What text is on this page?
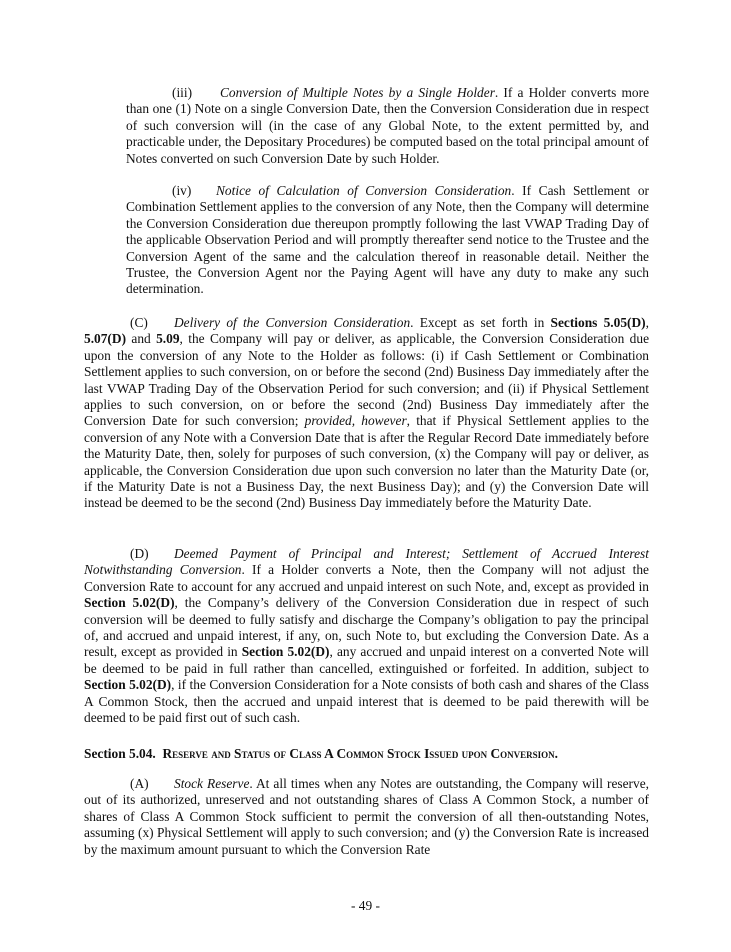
(iii) Conversion of Multiple Notes by a Single Holder. If a Holder converts more than one (1) Note on a single Conversion Date, then the Conversion Consideration due in respect of such conversion will (in the case of any Global Note, to the extent permitted by, and practicable under, the Depositary Procedures) be computed based on the total principal amount of Notes converted on such Conversion Date by such Holder.

(iv) Notice of Calculation of Conversion Consideration. If Cash Settlement or Combination Settlement applies to the conversion of any Note, then the Company will determine the Conversion Consideration due thereupon promptly following the last VWAP Trading Day of the applicable Observation Period and will promptly thereafter send notice to the Trustee and the Conversion Agent of the same and the calculation thereof in reasonable detail. Neither the Trustee, the Conversion Agent nor the Paying Agent will have any duty to make any such determination.

(C) Delivery of the Conversion Consideration. Except as set forth in Sections 5.05(D), 5.07(D) and 5.09, the Company will pay or deliver, as applicable, the Conversion Consideration due upon the conversion of any Note to the Holder as follows: (i) if Cash Settlement or Combination Settlement applies to such conversion, on or before the second (2nd) Business Day immediately after the last VWAP Trading Day of the Observation Period for such conversion; and (ii) if Physical Settlement applies to such conversion, on or before the second (2nd) Business Day immediately after the Conversion Date for such conversion; provided, however, that if Physical Settlement applies to the conversion of any Note with a Conversion Date that is after the Regular Record Date immediately before the Maturity Date, then, solely for purposes of such conversion, (x) the Company will pay or deliver, as applicable, the Conversion Consideration due upon such conversion no later than the Maturity Date (or, if the Maturity Date is not a Business Day, the next Business Day); and (y) the Conversion Date will instead be deemed to be the second (2nd) Business Day immediately before the Maturity Date.

(D) Deemed Payment of Principal and Interest; Settlement of Accrued Interest Notwithstanding Conversion. If a Holder converts a Note, then the Company will not adjust the Conversion Rate to account for any accrued and unpaid interest on such Note, and, except as provided in Section 5.02(D), the Company’s delivery of the Conversion Consideration due in respect of such conversion will be deemed to fully satisfy and discharge the Company’s obligation to pay the principal of, and accrued and unpaid interest, if any, on, such Note to, but excluding the Conversion Date. As a result, except as provided in Section 5.02(D), any accrued and unpaid interest on a converted Note will be deemed to be paid in full rather than cancelled, extinguished or forfeited. In addition, subject to Section 5.02(D), if the Conversion Consideration for a Note consists of both cash and shares of the Class A Common Stock, then the accrued and unpaid interest that is deemed to be paid therewith will be deemed to be paid first out of such cash.

Section 5.04. Reserve and Status of Class A Common Stock Issued upon Conversion.

(A) Stock Reserve. At all times when any Notes are outstanding, the Company will reserve, out of its authorized, unreserved and not outstanding shares of Class A Common Stock, a number of shares of Class A Common Stock sufficient to permit the conversion of all then-outstanding Notes, assuming (x) Physical Settlement will apply to such conversion; and (y) the Conversion Rate is increased by the maximum amount pursuant to which the Conversion Rate

- 49 -
